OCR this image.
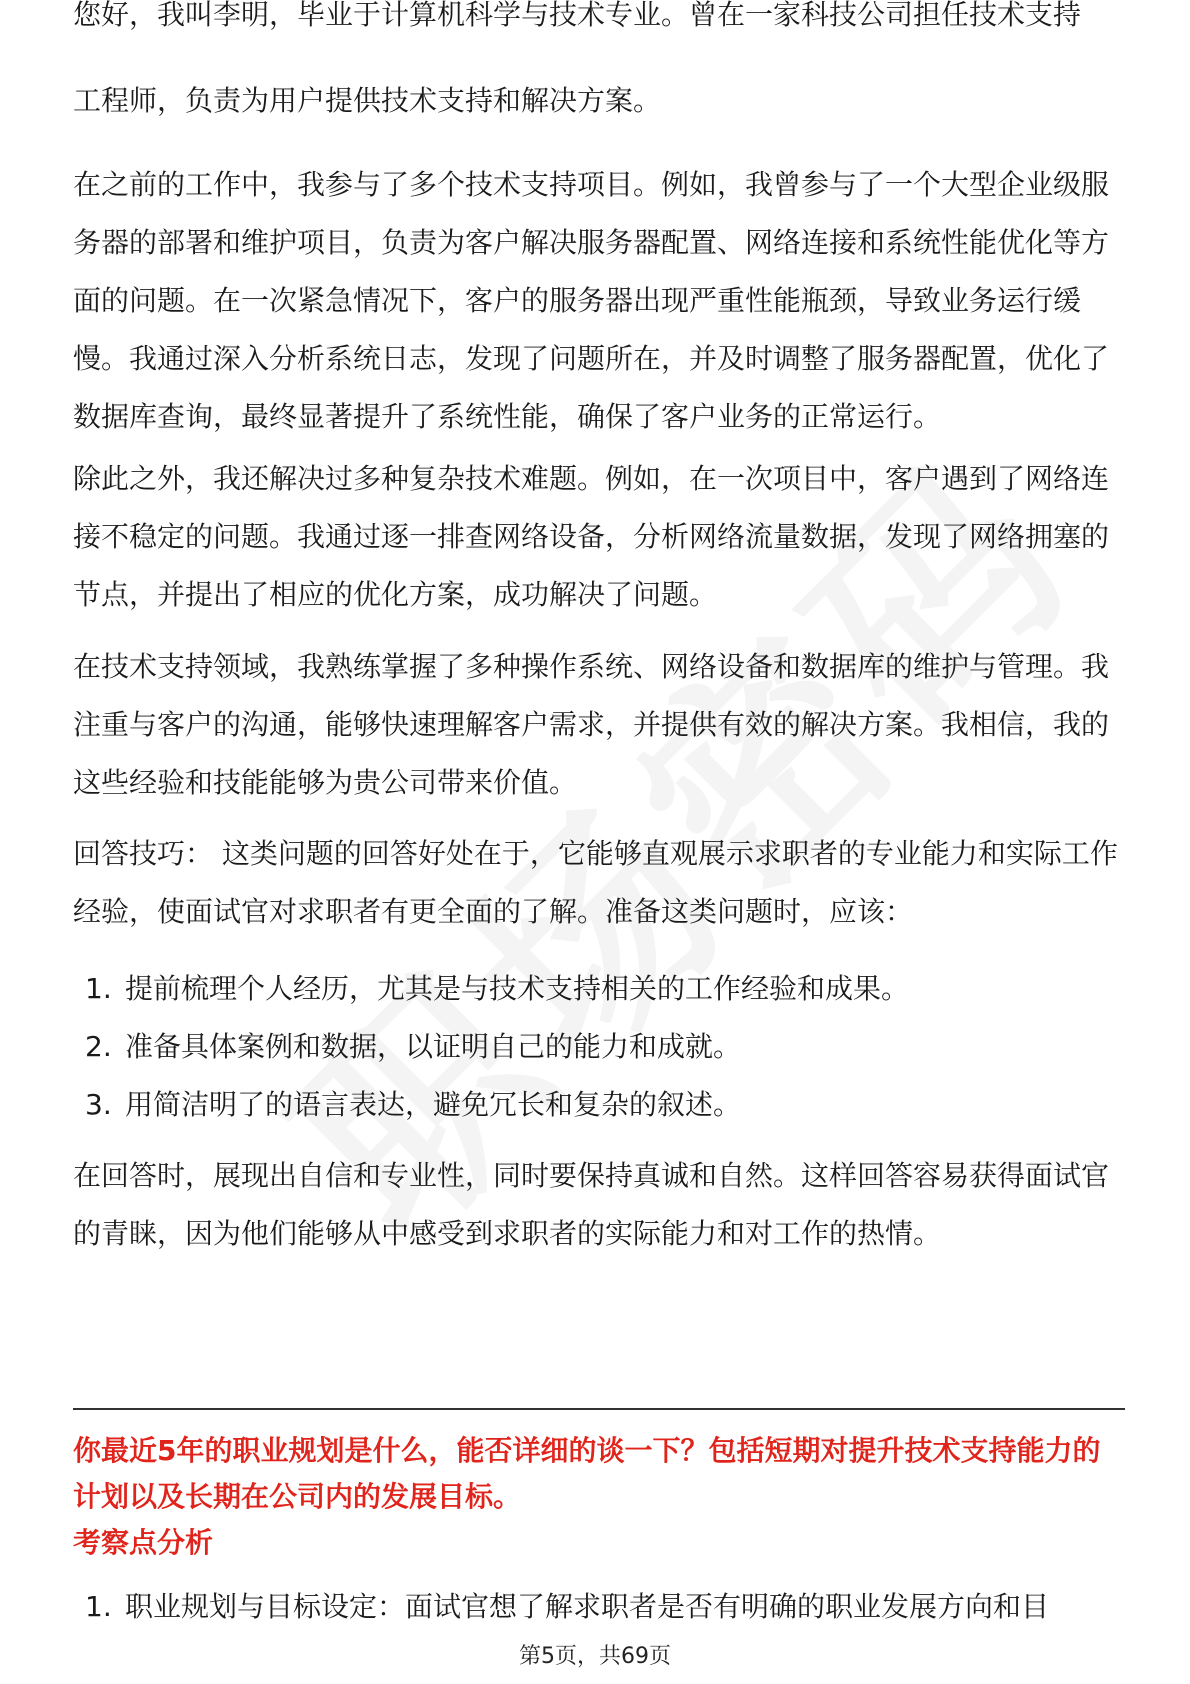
您好，我叫李明，毕业于计算机科学与技术专业。曾在一家科技公司担任技术支持

工程师，负责为用户提供技术支持和解决方案。

在之前的工作中，我参与了多个技术支持项目。例如，我曾参与了一个大型企业级服务器的部署和维护项目，负责为客户解决服务器配置、网络连接和系统性能优化等方面的问题。在一次紧急情况下，客户的服务器出现严重性能瓶颈，导致业务运行缓慢。我通过深入分析系统日志，发现了问题所在，并及时调整了服务器配置，优化了数据库查询，最终显著提升了系统性能，确保了客户业务的正常运行。

除此之外，我还解决过多种复杂技术难题。例如，在一次项目中，客户遇到了网络连接不稳定的问题。我通过逐一排查网络设备，分析网络流量数据，发现了网络拥塞的节点，并提出了相应的优化方案，成功解决了问题。

在技术支持领域，我熟练掌握了多种操作系统、网络设备和数据库的维护与管理。我注重与客户的沟通，能够快速理解客户需求，并提供有效的解决方案。我相信，我的这些经验和技能能够为贵公司带来价值。

回答技巧： 这类问题的回答好处在于，它能够直观展示求职者的专业能力和实际工作经验，使面试官对求职者有更全面的了解。准备这类问题时，应该：

1. 提前梳理个人经历，尤其是与技术支持相关的工作经验和成果。
2. 准备具体案例和数据，以证明自己的能力和成就。
3. 用简洁明了的语言表达，避免冗长和复杂的叙述。

在回答时，展现出自信和专业性，同时要保持真诚和自然。这样回答容易获得面试官的青睐，因为他们能够从中感受到求职者的实际能力和对工作的热情。

你最近5年的职业规划是什么，能否详细的谈一下？包括短期对提升技术支持能力的计划以及长期在公司内的发展目标。

考察点分析

1. 职业规划与目标设定：面试官想了解求职者是否有明确的职业发展方向和目
第5页，共69页
